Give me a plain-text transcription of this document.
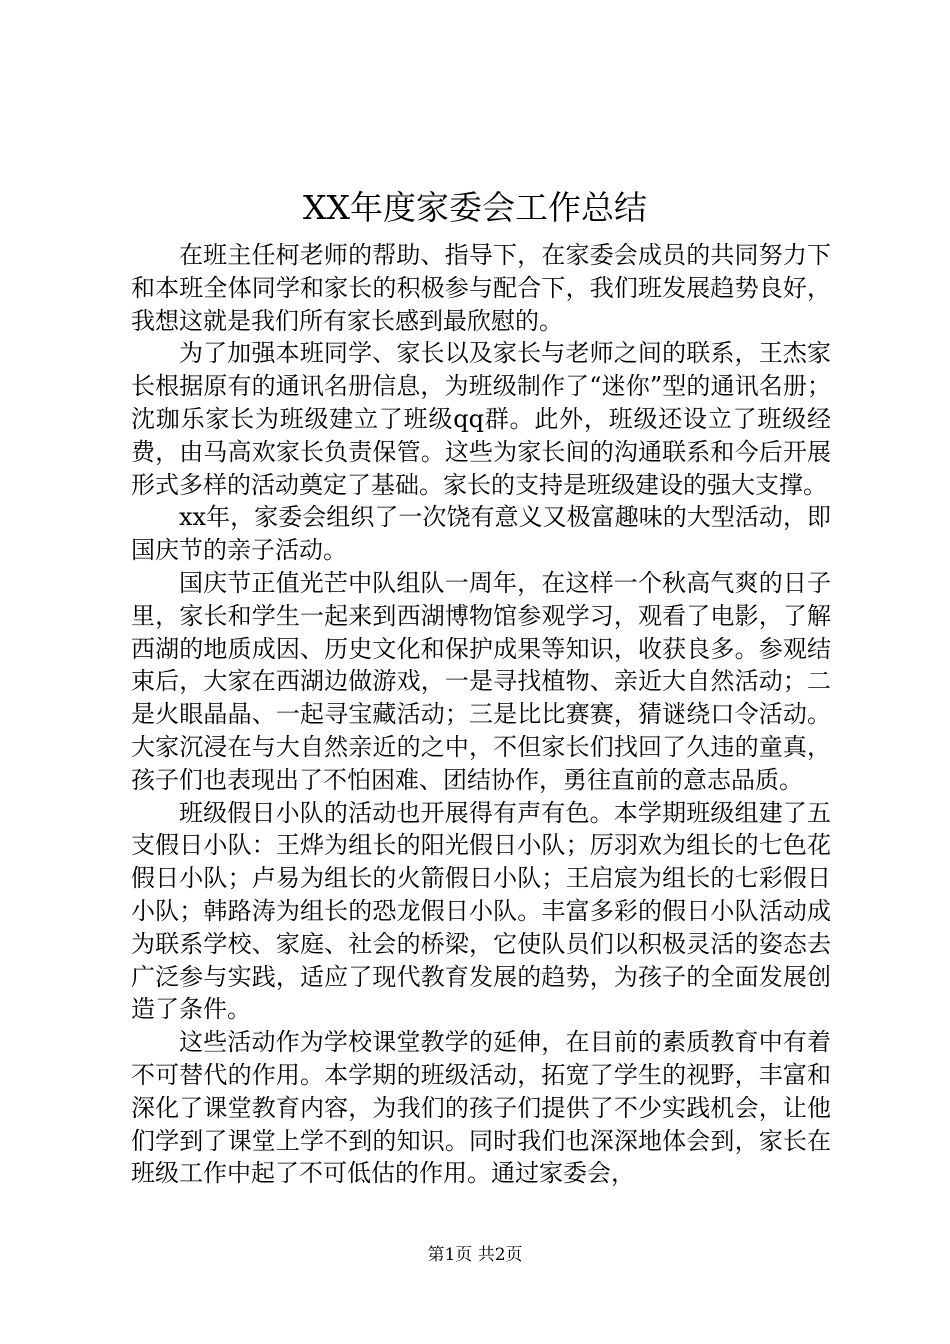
XX年度家委会工作总结

在班主任柯老师的帮助、指导下，在家委会成员的共同努力下和本班全体同学和家长的积极参与配合下，我们班发展趋势良好，我想这就是我们所有家长感到最欣慰的。

为了加强本班同学、家长以及家长与老师之间的联系，王杰家长根据原有的通讯名册信息，为班级制作了“迷你”型的通讯名册；沈珈乐家长为班级建立了班级qq群。此外，班级还设立了班级经费，由马高欢家长负责保管。这些为家长间的沟通联系和今后开展形式多样的活动奠定了基础。家长的支持是班级建设的强大支撑。

xx年，家委会组织了一次饶有意义又极富趣味的大型活动，即国庆节的亲子活动。

国庆节正值光芒中队组队一周年，在这样一个秋高气爽的日子里，家长和学生一起来到西湖博物馆参观学习，观看了电影，了解西湖的地质成因、历史文化和保护成果等知识，收获良多。参观结束后，大家在西湖边做游戏，一是寻找植物、亲近大自然活动；二是火眼晶晶、一起寻宝藏活动；三是比比赛赛，猜谜绕口令活动。大家沉浸在与大自然亲近的之中，不但家长们找回了久违的童真，孩子们也表现出了不怕困难、团结协作，勇往直前的意志品质。

班级假日小队的活动也开展得有声有色。本学期班级组建了五支假日小队：王烨为组长的阳光假日小队；厉羽欢为组长的七色花假日小队；卢易为组长的火箭假日小队；王启宸为组长的七彩假日小队；韩路涛为组长的恐龙假日小队。丰富多彩的假日小队活动成为联系学校、家庭、社会的桥梁，它使队员们以积极灵活的姿态去广泛参与实践，适应了现代教育发展的趋势，为孩子的全面发展创造了条件。

这些活动作为学校课堂教学的延伸，在目前的素质教育中有着不可替代的作用。本学期的班级活动，拓宽了学生的视野，丰富和深化了课堂教育内容，为我们的孩子们提供了不少实践机会，让他们学到了课堂上学不到的知识。同时我们也深深地体会到，家长在班级工作中起了不可低估的作用。通过家委会，

第1页 共2页
